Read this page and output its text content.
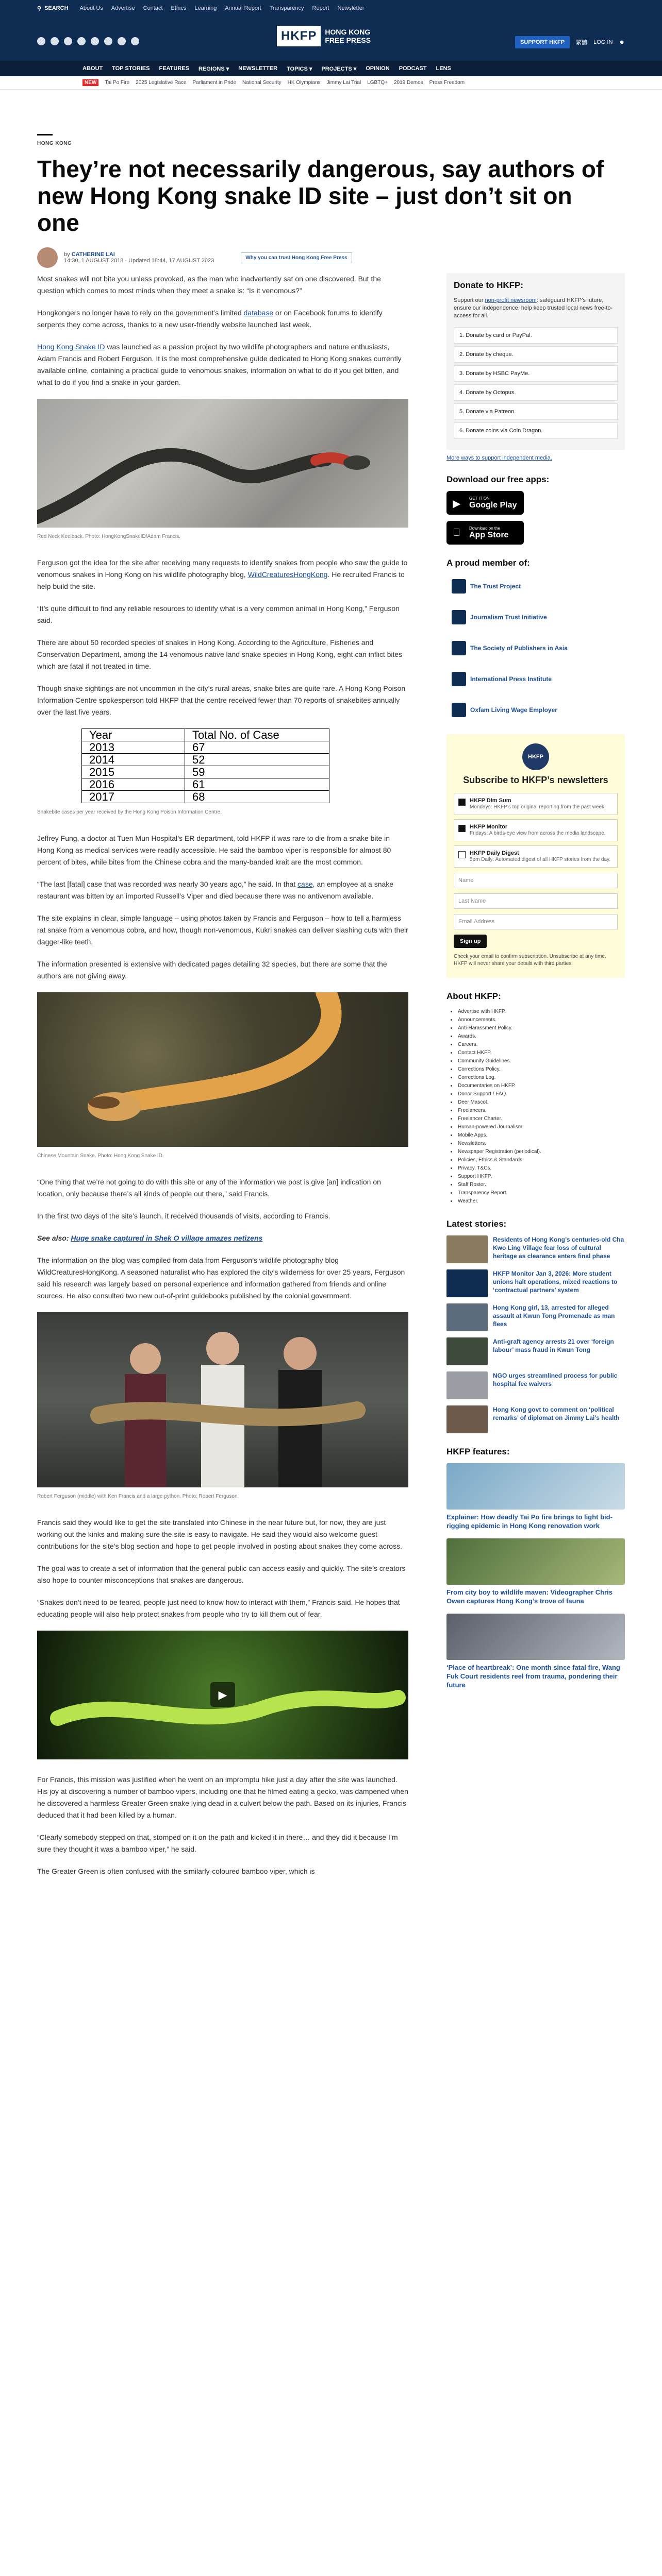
⚲ SEARCH About Us Advertise Contact Ethics Learning Annual Report Transparency Report Newsletter
HKFP	HONG KONG
FREE PRESS	SUPPORT HKFP	繁體 LOG IN ☻
ABOUT TOP STORIES FEATURES REGIONS ▾ NEWSLETTER TOPICS ▾ PROJECTS ▾ OPINION PODCAST LENS
NEW	Tai Po Fire 2025 Legislative Race Parliament in Pride National Security HK Olympians Jimmy Lai Trial LGBTQ+ 2019 Demos Press Freedom
HONG KONG
They’re not necessarily dangerous, say authors of new Hong Kong snake ID site – just don’t sit on one
by CATHERINE LAI
14:30, 1 AUGUST 2018 · Updated 18:44, 17 AUGUST 2023	Why you can trust Hong Kong Free Press

Most snakes will not bite you unless provoked, as the man who inadvertently sat on one discovered. But the question which comes to most minds when they meet a snake is: “Is it venomous?”

Hongkongers no longer have to rely on the government’s limited database or on Facebook forums to identify serpents they come across, thanks to a new user-friendly website launched last week.

Hong Kong Snake ID was launched as a passion project by two wildlife photographers and nature enthusiasts, Adam Francis and Robert Ferguson. It is the most comprehensive guide dedicated to Hong Kong snakes currently available online, containing a practical guide to venomous snakes, information on what to do if you get bitten, and what to do if you find a snake in your garden.

Red Neck Keelback. Photo: HongKongSnakeID/Adam Francis.

Ferguson got the idea for the site after receiving many requests to identify snakes from people who saw the guide to venomous snakes in Hong Kong on his wildlife photography blog, WildCreaturesHongKong. He recruited Francis to help build the site.

“It’s quite difficult to find any reliable resources to identify what is a very common animal in Hong Kong,” Ferguson said.

There are about 50 recorded species of snakes in Hong Kong. According to the Agriculture, Fisheries and Conservation Department, among the 14 venomous native land snake species in Hong Kong, eight can inflict bites which are fatal if not treated in time.

Though snake sightings are not uncommon in the city’s rural areas, snake bites are quite rare. A Hong Kong Poison Information Centre spokesperson told HKFP that the centre received fewer than 70 reports of snakebites annually over the last five years.

Year	Total No. of Case
2013	67
2014	52
2015	59
2016	61
2017	68
Snakebite cases per year received by the Hong Kong Poison Information Centre.

Jeffrey Fung, a doctor at Tuen Mun Hospital’s ER department, told HKFP it was rare to die from a snake bite in Hong Kong as medical services were readily accessible. He said the bamboo viper is responsible for almost 80 percent of bites, while bites from the Chinese cobra and the many-banded krait are the most common.

“The last [fatal] case that was recorded was nearly 30 years ago,” he said. In that case, an employee at a snake restaurant was bitten by an imported Russell’s Viper and died because there was no antivenom available.

The site explains in clear, simple language – using photos taken by Francis and Ferguson – how to tell a harmless rat snake from a venomous cobra, and how, though non-venomous, Kukri snakes can deliver slashing cuts with their dagger-like teeth.

The information presented is extensive with dedicated pages detailing 32 species, but there are some that the authors are not giving away.

Chinese Mountain Snake. Photo: Hong Kong Snake ID.

“One thing that we’re not going to do with this site or any of the information we post is give [an] indication on location, only because there’s all kinds of people out there,” said Francis.

In the first two days of the site’s launch, it received thousands of visits, according to Francis.

See also: Huge snake captured in Shek O village amazes netizens

The information on the blog was compiled from data from Ferguson’s wildlife photography blog WildCreaturesHongKong. A seasoned naturalist who has explored the city’s wilderness for over 25 years, Ferguson said his research was largely based on personal experience and information gathered from friends and online sources. He also consulted two new out-of-print guidebooks published by the colonial government.

Robert Ferguson (middle) with Ken Francis and a large python. Photo: Robert Ferguson.

Francis said they would like to get the site translated into Chinese in the near future but, for now, they are just working out the kinks and making sure the site is easy to navigate. He said they would also welcome guest contributions for the site’s blog section and hope to get people involved in posting about snakes they come across.

The goal was to create a set of information that the general public can access easily and quickly. The site’s creators also hope to counter misconceptions that snakes are dangerous.

“Snakes don’t need to be feared, people just need to know how to interact with them,” Francis said. He hopes that educating people will also help protect snakes from people who try to kill them out of fear.

▶

For Francis, this mission was justified when he went on an impromptu hike just a day after the site was launched. His joy at discovering a number of bamboo vipers, including one that he filmed eating a gecko, was dampened when he discovered a harmless Greater Green snake lying dead in a culvert below the path. Based on its injuries, Francis deduced that it had been killed by a human.

“Clearly somebody stepped on that, stomped on it on the path and kicked it in there… and they did it because I’m sure they thought it was a bamboo viper,” he said.

The Greater Green is often confused with the similarly-coloured bamboo viper, which is

Donate to HKFP:

Support our non-profit newsroom: safeguard HKFP’s future, ensure our independence, help keep trusted local news free-to-access for all.

1. Donate by card or PayPal.
2. Donate by cheque.
3. Donate by HSBC PayMe.
4. Donate by Octopus.
5. Donate via Patreon.
6. Donate coins via Coin Dragon.
More ways to support independent media.
Download our free apps:
▶ GET IT ON
Google Play
Download on the
App Store
A proud member of:
The Trust Project
Journalism Trust Initiative
The Society of Publishers in Asia
International Press Institute
Oxfam Living Wage Employer
HKFP
Subscribe to HKFP’s newsletters
HKFP Dim Sum
Mondays: HKFP’s top original reporting from the past week.
HKFP Monitor
Fridays: A birds-eye view from across the media landscape.
HKFP Daily Digest
5pm Daily: Automated digest of all HKFP stories from the day.
Name
Last Name
Email Address
Sign up
Check your email to confirm subscription. Unsubscribe at any time. HKFP will never share your details with third parties.
About HKFP:
• Advertise with HKFP.
• Announcements.
• Anti-Harassment Policy.
• Awards.
• Careers.
• Contact HKFP.
• Community Guidelines.
• Corrections Policy.
• Corrections Log.
• Documentaries on HKFP.
• Donor Support / FAQ.
• Deer Mascot.
• Freelancers.
• Freelancer Charter.
• Human-powered Journalism.
• Mobile Apps.
• Newsletters.
• Newspaper Registration (periodical).
• Policies, Ethics & Standards.
• Privacy, T&Cs.
• Support HKFP.
• Staff Roster.
• Transparency Report.
• Weather.
Latest stories:
Residents of Hong Kong’s centuries-old Cha Kwo Ling Village fear loss of cultural heritage as clearance enters final phase
HKFP Monitor Jan 3, 2026: More student unions halt operations, mixed reactions to ‘contractual partners’ system
Hong Kong girl, 13, arrested for alleged assault at Kwun Tong Promenade as man flees
Anti-graft agency arrests 21 over ‘foreign labour’ mass fraud in Kwun Tong
NGO urges streamlined process for public hospital fee waivers
Hong Kong govt to comment on ‘political remarks’ of diplomat on Jimmy Lai’s health
HKFP features:
Explainer: How deadly Tai Po fire brings to light bid-rigging epidemic in Hong Kong renovation work
From city boy to wildlife maven: Videographer Chris Owen captures Hong Kong’s trove of fauna
‘Place of heartbreak’: One month since fatal fire, Wang Fuk Court residents reel from trauma, pondering their future
